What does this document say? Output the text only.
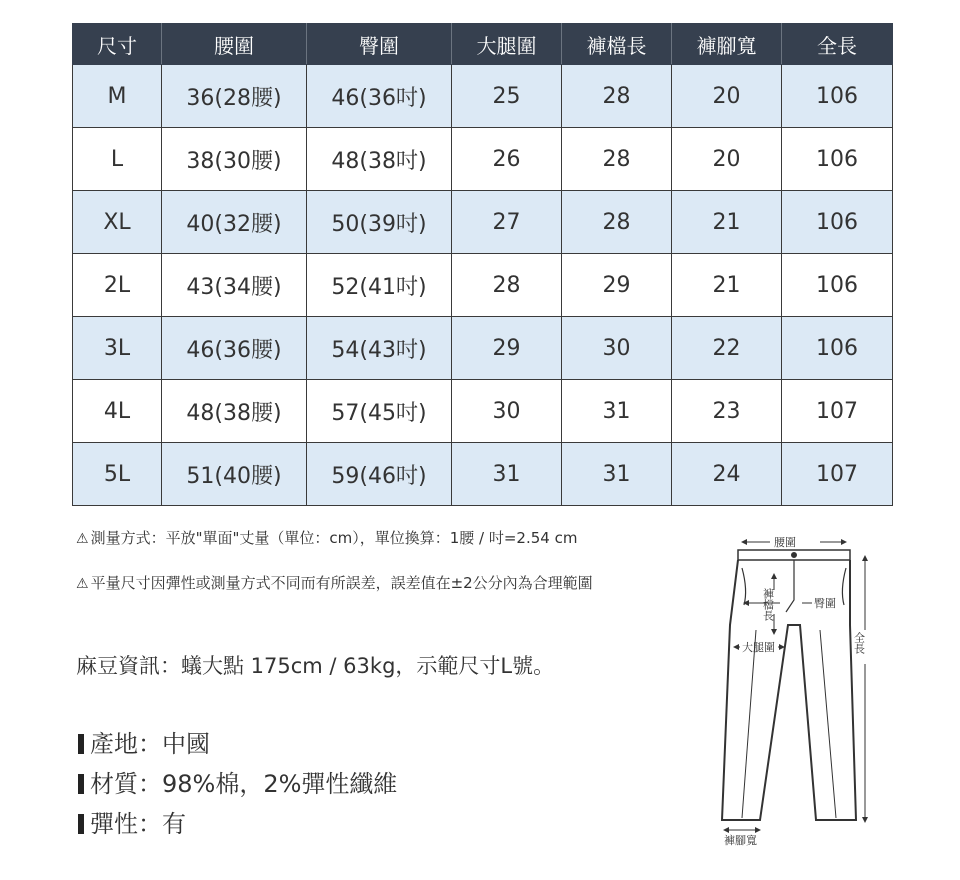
尺寸	腰圍	臀圍	大腿圍	褲檔長	褲腳寬	全長
M	36(28腰)	46(36吋)	25	28	20	106
L	38(30腰)	48(38吋)	26	28	20	106
XL	40(32腰)	50(39吋)	27	28	21	106
2L	43(34腰)	52(41吋)	28	29	21	106
3L	46(36腰)	54(43吋)	29	30	22	106
4L	48(38腰)	57(45吋)	30	31	23	107
5L	51(40腰)	59(46吋)	31	31	24	107
⚠ 測量方式：平放"單面"丈量（單位：cm），單位換算：1腰 / 吋=2.54 cm
⚠ 平量尺寸因彈性或測量方式不同而有所誤差，誤差值在±2公分內為合理範圍
麻豆資訊：蟻大點 175cm / 63kg，示範尺寸L號。
產地：中國
材質：98%棉，2%彈性纖維
彈性：有
腰圍
褲檔長	臀圍
大腿圍	全長
褲腳寬
